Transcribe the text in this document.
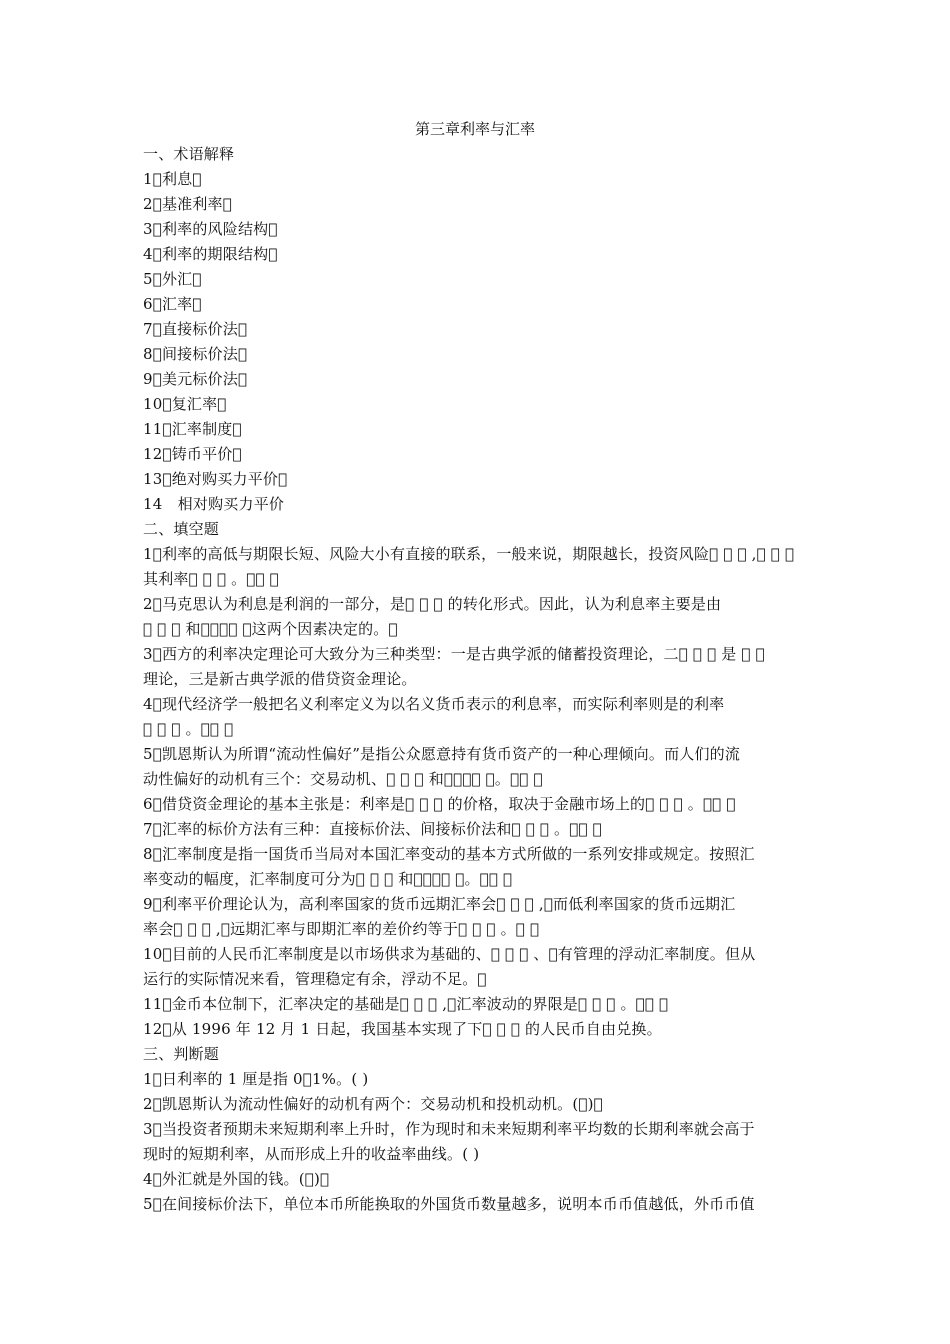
第三章利率与汇率
一、术语解释
1􀀃利息􀀃
2􀀃基准利率􀀃
3􀀃利率的风险结构􀀃
4􀀃利率的期限结构􀀃
5􀀃外汇􀀃
6􀀃汇率􀀃
7􀀃直接标价法􀀃
8􀀃间接标价法􀀃
9􀀃美元标价法􀀃
10􀀃复汇率􀀃
11􀀃汇率制度􀀃
12􀀃铸币平价􀀃
13􀀃绝对购买力平价􀀃
14　相对购买力平价
二、填空题
1􀀃利率的高低与期限长短、风险大小有直接的联系，一般来说，期限越长，投资风险􀀃 􀀃 􀀃 ,􀀃 􀀃 􀀃
其利率􀀃 􀀃 􀀃 。􀀃􀀃 􀀃
2􀀃马克思认为利息是利润的一部分，是􀀃 􀀃 􀀃 的转化形式。因此，认为利息率主要是由
􀀃 􀀃 􀀃 和􀀃􀀃􀀃􀀃 􀀃这两个因素决定的。􀀃
3􀀃西方的利率决定理论可大致分为三种类型：一是古典学派的储蓄投资理论，二􀀃 􀀃 􀀃 是 􀀃 􀀃
理论，三是新古典学派的借贷资金理论。
4􀀃现代经济学一般把名义利率定义为以名义货币表示的利息率，而实际利率则是的利率
􀀃 􀀃 􀀃 。􀀃􀀃 􀀃
5􀀃凯恩斯认为所谓“流动性偏好”是指公众愿意持有货币资产的一种心理倾向。而人们的流
动性偏好的动机有三个：交易动机、􀀃 􀀃 􀀃 和􀀃􀀃􀀃􀀃 􀀃。􀀃􀀃 􀀃
6􀀃借贷资金理论的基本主张是：利率是􀀃 􀀃 􀀃 的价格，取决于金融市场上的􀀃 􀀃 􀀃 。􀀃􀀃 􀀃
7􀀃汇率的标价方法有三种：直接标价法、间接标价法和􀀃 􀀃 􀀃 。􀀃􀀃 􀀃
8􀀃汇率制度是指一国货币当局对本国汇率变动的基本方式所做的一系列安排或规定。按照汇
率变动的幅度，汇率制度可分为􀀃 􀀃 􀀃 和􀀃􀀃􀀃􀀃 􀀃。􀀃􀀃 􀀃
9􀀃利率平价理论认为，高利率国家的货币远期汇率会􀀃 􀀃 􀀃 ,􀀃而低利率国家的货币远期汇
率会􀀃 􀀃 􀀃 ,􀀃远期汇率与即期汇率的差价约等于􀀃 􀀃 􀀃 。􀀃 􀀃
10􀀃目前的人民币汇率制度是以市场供求为基础的、􀀃 􀀃 􀀃 、􀀃有管理的浮动汇率制度。但从
运行的实际情况来看，管理稳定有余，浮动不足。􀀃
11􀀃金币本位制下，汇率决定的基础是􀀃 􀀃 􀀃 ,􀀃汇率波动的界限是􀀃 􀀃 􀀃 。􀀃􀀃 􀀃
12􀀃从 1996 年 12 月 1 日起，我国基本实现了下􀀃 􀀃 􀀃 的人民币自由兑换。
三、判断题
1􀀃日利率的 1 厘是指 0􀀃1%。( )
2􀀃凯恩斯认为流动性偏好的动机有两个：交易动机和投机动机。(􀀃)􀀃
3􀀃当投资者预期未来短期利率上升时，作为现时和未来短期利率平均数的长期利率就会高于
现时的短期利率，从而形成上升的收益率曲线。( )
4􀀃外汇就是外国的钱。(􀀃)􀀃
5􀀃在间接标价法下，单位本币所能换取的外国货币数量越多，说明本币币值越低，外币币值
